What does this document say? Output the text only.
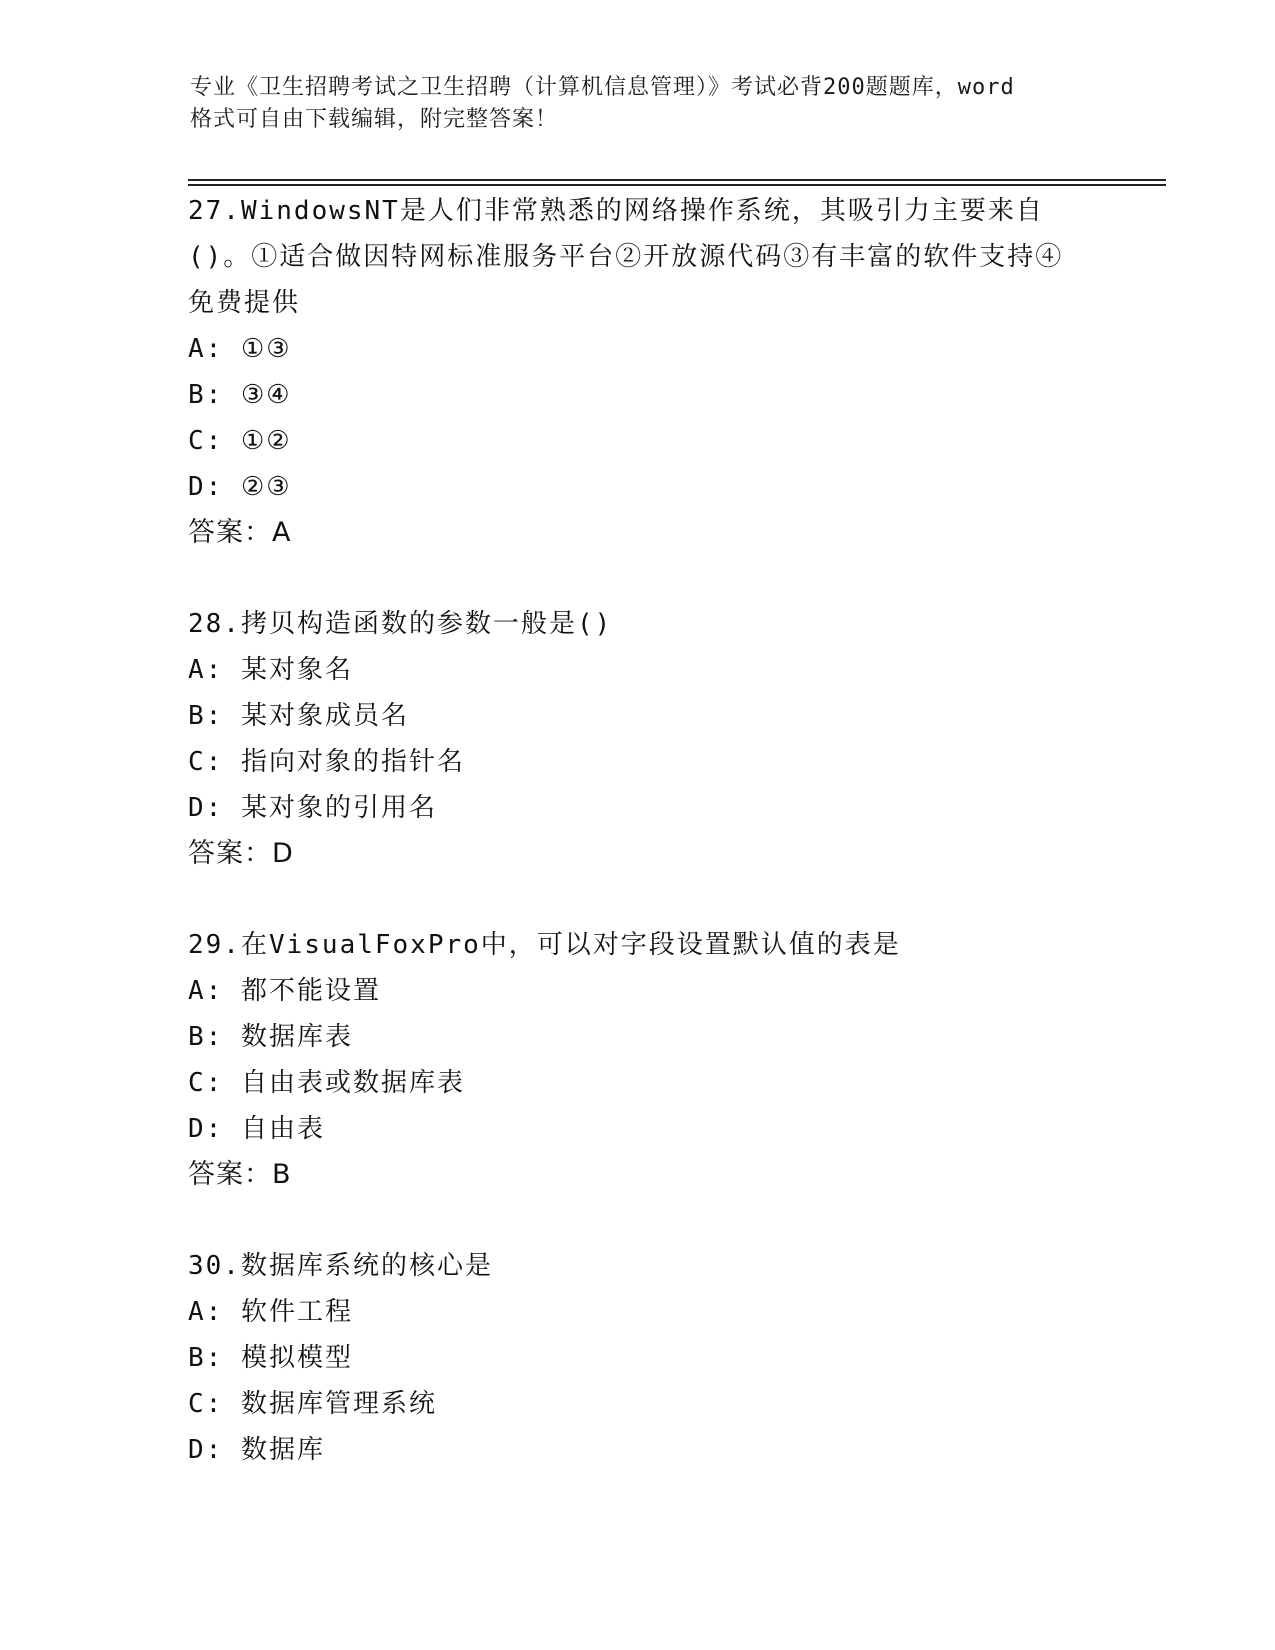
专业《卫生招聘考试之卫生招聘（计算机信息管理）》考试必背200题题库，word
格式可自由下载编辑，附完整答案！

27.WindowsNT是人们非常熟悉的网络操作系统，其吸引力主要来自()。①适合做因特网标准服务平台②开放源代码③有丰富的软件支持④免费提供

A: ①③
B: ③④
C: ①②
D: ②③
答案：A

28.拷贝构造函数的参数一般是()

A: 某对象名
B: 某对象成员名
C: 指向对象的指针名
D: 某对象的引用名
答案：D

29.在VisualFoxPro中，可以对字段设置默认值的表是

A: 都不能设置
B: 数据库表
C: 自由表或数据库表
D: 自由表
答案：B

30.数据库系统的核心是

A: 软件工程
B: 模拟模型
C: 数据库管理系统
D: 数据库
